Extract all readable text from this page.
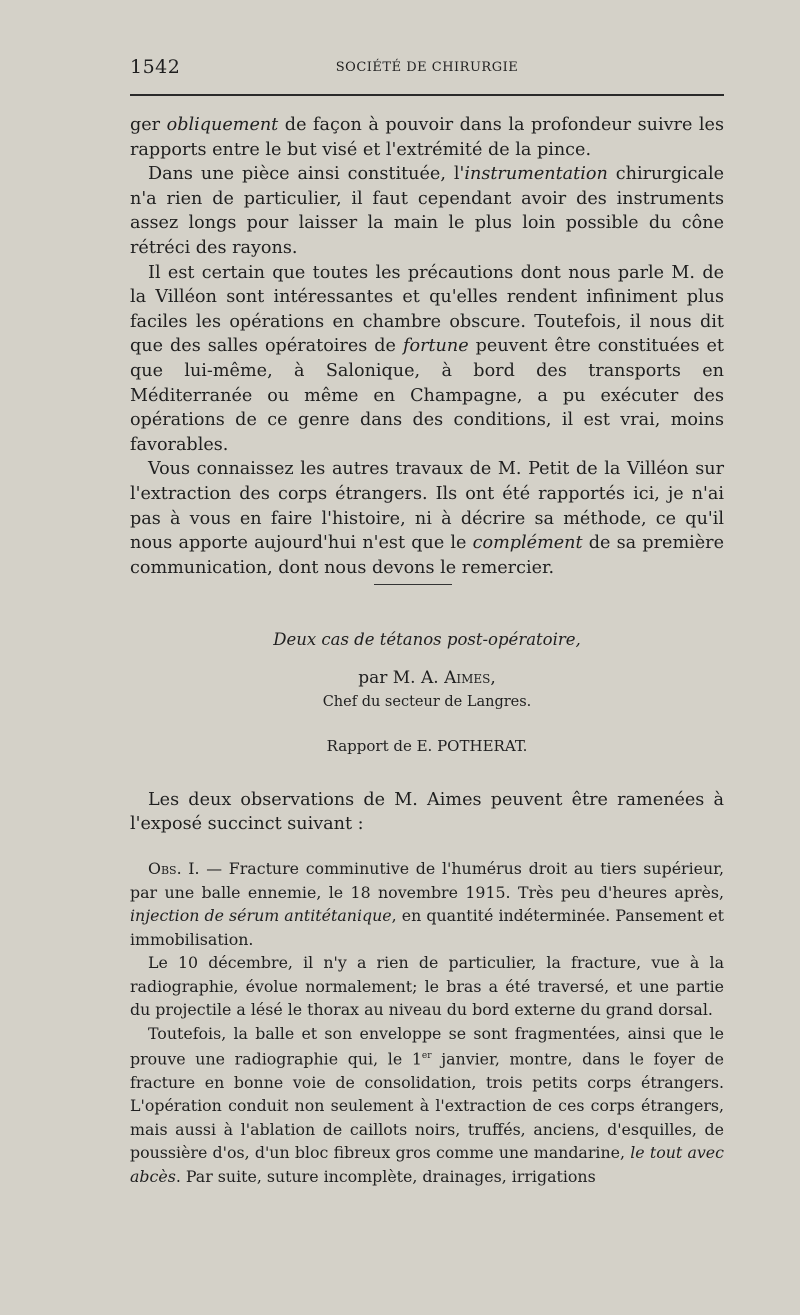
1542	SOCIÉTÉ DE CHIRURGIE

ger obliquement de façon à pouvoir dans la profondeur suivre les rapports entre le but visé et l'extrémité de la pince.

Dans une pièce ainsi constituée, l'instrumentation chirurgicale n'a rien de particulier, il faut cependant avoir des instruments assez longs pour laisser la main le plus loin possible du cône rétréci des rayons.

Il est certain que toutes les précautions dont nous parle M. de la Villéon sont intéressantes et qu'elles rendent infiniment plus faciles les opérations en chambre obscure. Toutefois, il nous dit que des salles opératoires de fortune peuvent être constituées et que lui-même, à Salonique, à bord des transports en Méditerranée ou même en Champagne, a pu exécuter des opérations de ce genre dans des conditions, il est vrai, moins favorables.

Vous connaissez les autres travaux de M. Petit de la Villéon sur l'extraction des corps étrangers. Ils ont été rapportés ici, je n'ai pas à vous en faire l'histoire, ni à décrire sa méthode, ce qu'il nous apporte aujourd'hui n'est que le complément de sa première communication, dont nous devons le remercier.

Deux cas de tétanos post-opératoire,
par M. A. Aimes,
Chef du secteur de Langres.
Rapport de E. POTHERAT.

Les deux observations de M. Aimes peuvent être ramenées à l'exposé succinct suivant :

Obs. I. — Fracture comminutive de l'humérus droit au tiers supérieur, par une balle ennemie, le 18 novembre 1915. Très peu d'heures après, injection de sérum antitétanique, en quantité indéterminée. Pansement et immobilisation.

Le 10 décembre, il n'y a rien de particulier, la fracture, vue à la radiographie, évolue normalement; le bras a été traversé, et une partie du projectile a lésé le thorax au niveau du bord externe du grand dorsal.

Toutefois, la balle et son enveloppe se sont fragmentées, ainsi que le prouve une radiographie qui, le 1er janvier, montre, dans le foyer de fracture en bonne voie de consolidation, trois petits corps étrangers. L'opération conduit non seulement à l'extraction de ces corps étrangers, mais aussi à l'ablation de caillots noirs, truffés, anciens, d'esquilles, de poussière d'os, d'un bloc fibreux gros comme une mandarine, le tout avec abcès. Par suite, suture incomplète, drainages, irrigations
